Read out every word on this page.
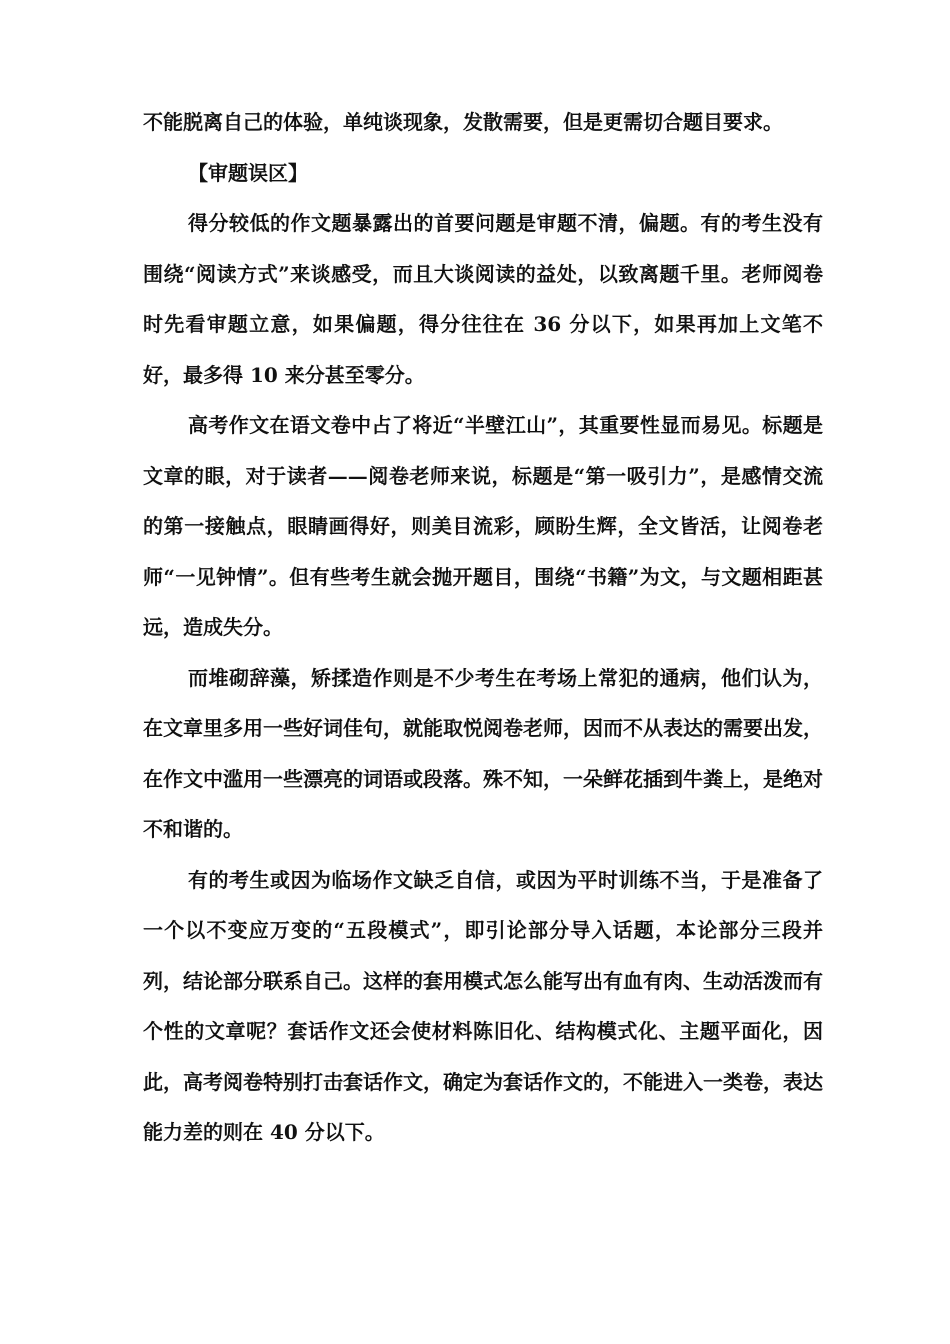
不能脱离自己的体验，单纯谈现象，发散需要，但是更需切合题目要求。

【审题误区】

得分较低的作文题暴露出的首要问题是审题不清，偏题。有的考生没有围绕“阅读方式”来谈感受，而且大谈阅读的益处，以致离题千里。老师阅卷时先看审题立意，如果偏题，得分往往在 36 分以下，如果再加上文笔不好，最多得 10 来分甚至零分。

高考作文在语文卷中占了将近“半壁江山”，其重要性显而易见。标题是文章的眼，对于读者——阅卷老师来说，标题是“第一吸引力”，是感情交流的第一接触点，眼睛画得好，则美目流彩，顾盼生辉，全文皆活，让阅卷老师“一见钟情”。但有些考生就会抛开题目，围绕“书籍”为文，与文题相距甚远，造成失分。

而堆砌辞藻，矫揉造作则是不少考生在考场上常犯的通病，他们认为，在文章里多用一些好词佳句，就能取悦阅卷老师，因而不从表达的需要出发，在作文中滥用一些漂亮的词语或段落。殊不知，一朵鲜花插到牛粪上，是绝对不和谐的。

有的考生或因为临场作文缺乏自信，或因为平时训练不当，于是准备了一个以不变应万变的“五段模式”，即引论部分导入话题，本论部分三段并列，结论部分联系自己。这样的套用模式怎么能写出有血有肉、生动活泼而有个性的文章呢？套话作文还会使材料陈旧化、结构模式化、主题平面化，因此，高考阅卷特别打击套话作文，确定为套话作文的，不能进入一类卷，表达能力差的则在 40 分以下。
